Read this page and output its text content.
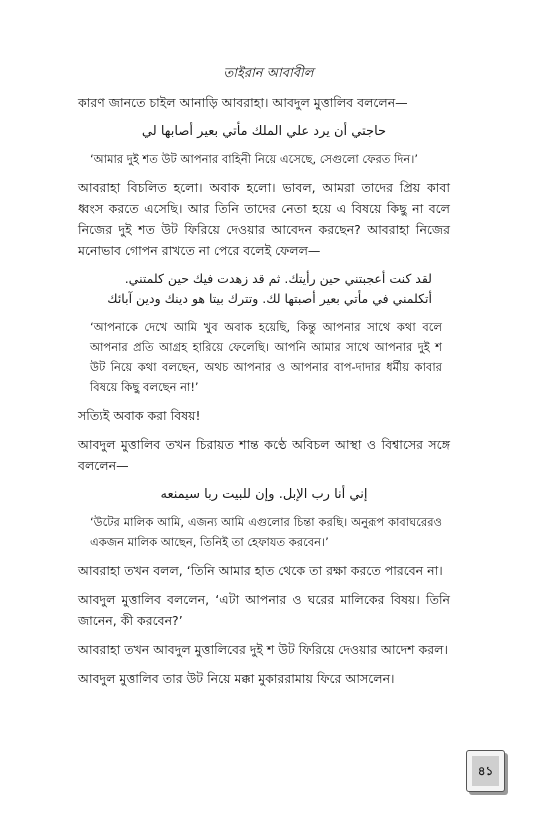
তাইরান আবাবীল

কারণ জানতে চাইল আনাড়ি আবরাহা। আবদুল মুত্তালিব বললেন—

حاجتي أن يرد علي الملك مأتي بعير أصابها لي

‘আমার দুই শত উট আপনার বাহিনী নিয়ে এসেছে, সেগুলো ফেরত দিন।’

আবরাহা বিচলিত হলো। অবাক হলো। ভাবল, আমরা তাদের প্রিয় কাবা ধ্বংস করতে এসেছি। আর তিনি তাদের নেতা হয়ে এ বিষয়ে কিছু না বলে নিজের দুই শত উট ফিরিয়ে দেওয়ার আবেদন করছেন? আবরাহা নিজের মনোভাব গোপন রাখতে না পেরে বলেই ফেলল—

لقد كنت أعجبتني حين رأيتك. ثم قد زهدت فيك حين كلمتني.
أتكلمني في مأتي بعير أصبتها لك. وتترك بيتا هو دينك ودين آبائك

‘আপনাকে দেখে আমি খুব অবাক হয়েছি, কিন্তু আপনার সাথে কথা বলে আপনার প্রতি আগ্রহ হারিয়ে ফেলেছি। আপনি আমার সাথে আপনার দুই শ উট নিয়ে কথা বলছেন, অথচ আপনার ও আপনার বাপ-দাদার ধর্মীয় কাবার বিষয়ে কিছু বলছেন না!’

সত্যিই অবাক করা বিষয়!

আবদুল মুত্তালিব তখন চিরায়ত শান্ত কণ্ঠে অবিচল আস্থা ও বিশ্বাসের সঙ্গে বললেন—

إني أنا رب الإبل. وإن للبيت ربا سيمنعه

‘উটের মালিক আমি, এজন্য আমি এগুলোর চিন্তা করছি। অনুরূপ কাবাঘরেরও একজন মালিক আছেন, তিনিই তা হেফাযত করবেন।’

আবরাহা তখন বলল, ‘তিনি আমার হাত থেকে তা রক্ষা করতে পারবেন না।

আবদুল মুত্তালিব বললেন, ‘এটা আপনার ও ঘরের মালিকের বিষয়। তিনি জানেন, কী করবেন?’

আবরাহা তখন আবদুল মুত্তালিবের দুই শ উট ফিরিয়ে দেওয়ার আদেশ করল।

আবদুল মুত্তালিব তার উট নিয়ে মক্কা মুকাররামায় ফিরে আসলেন।

৪১
